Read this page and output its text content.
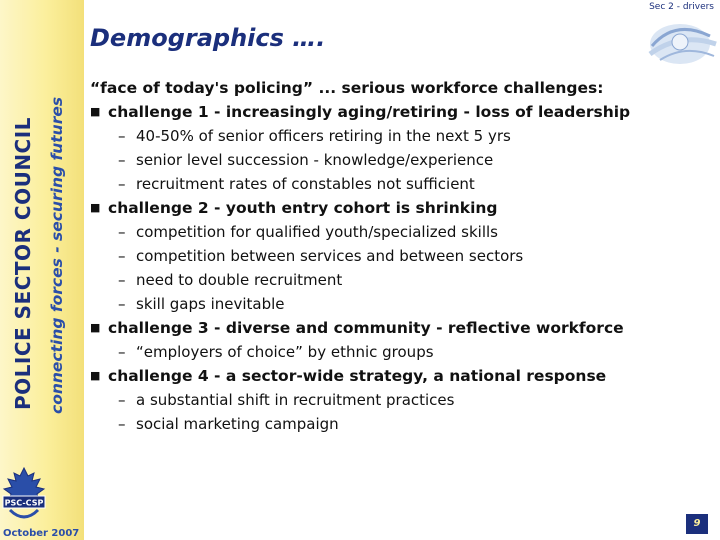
POLICE SECTOR COUNCIL connecting forces - securing futures
PSC-CSP
October 2007
Sec 2 - drivers
Demographics ….
“face of today's policing” ... serious workforce challenges:
■ challenge 1 - increasingly aging/retiring - loss of leadership
– 40-50% of senior officers retiring in the next 5 yrs
– senior level succession - knowledge/experience
– recruitment rates of constables not sufficient
■ challenge 2 - youth entry cohort is shrinking
– competition for qualified youth/specialized skills
– competition between services and between sectors
– need to double recruitment
– skill gaps inevitable
■ challenge 3 - diverse and community - reflective workforce
– “employers of choice” by ethnic groups
■ challenge 4 - a sector-wide strategy, a national response
– a substantial shift in recruitment practices
– social marketing campaign
9
